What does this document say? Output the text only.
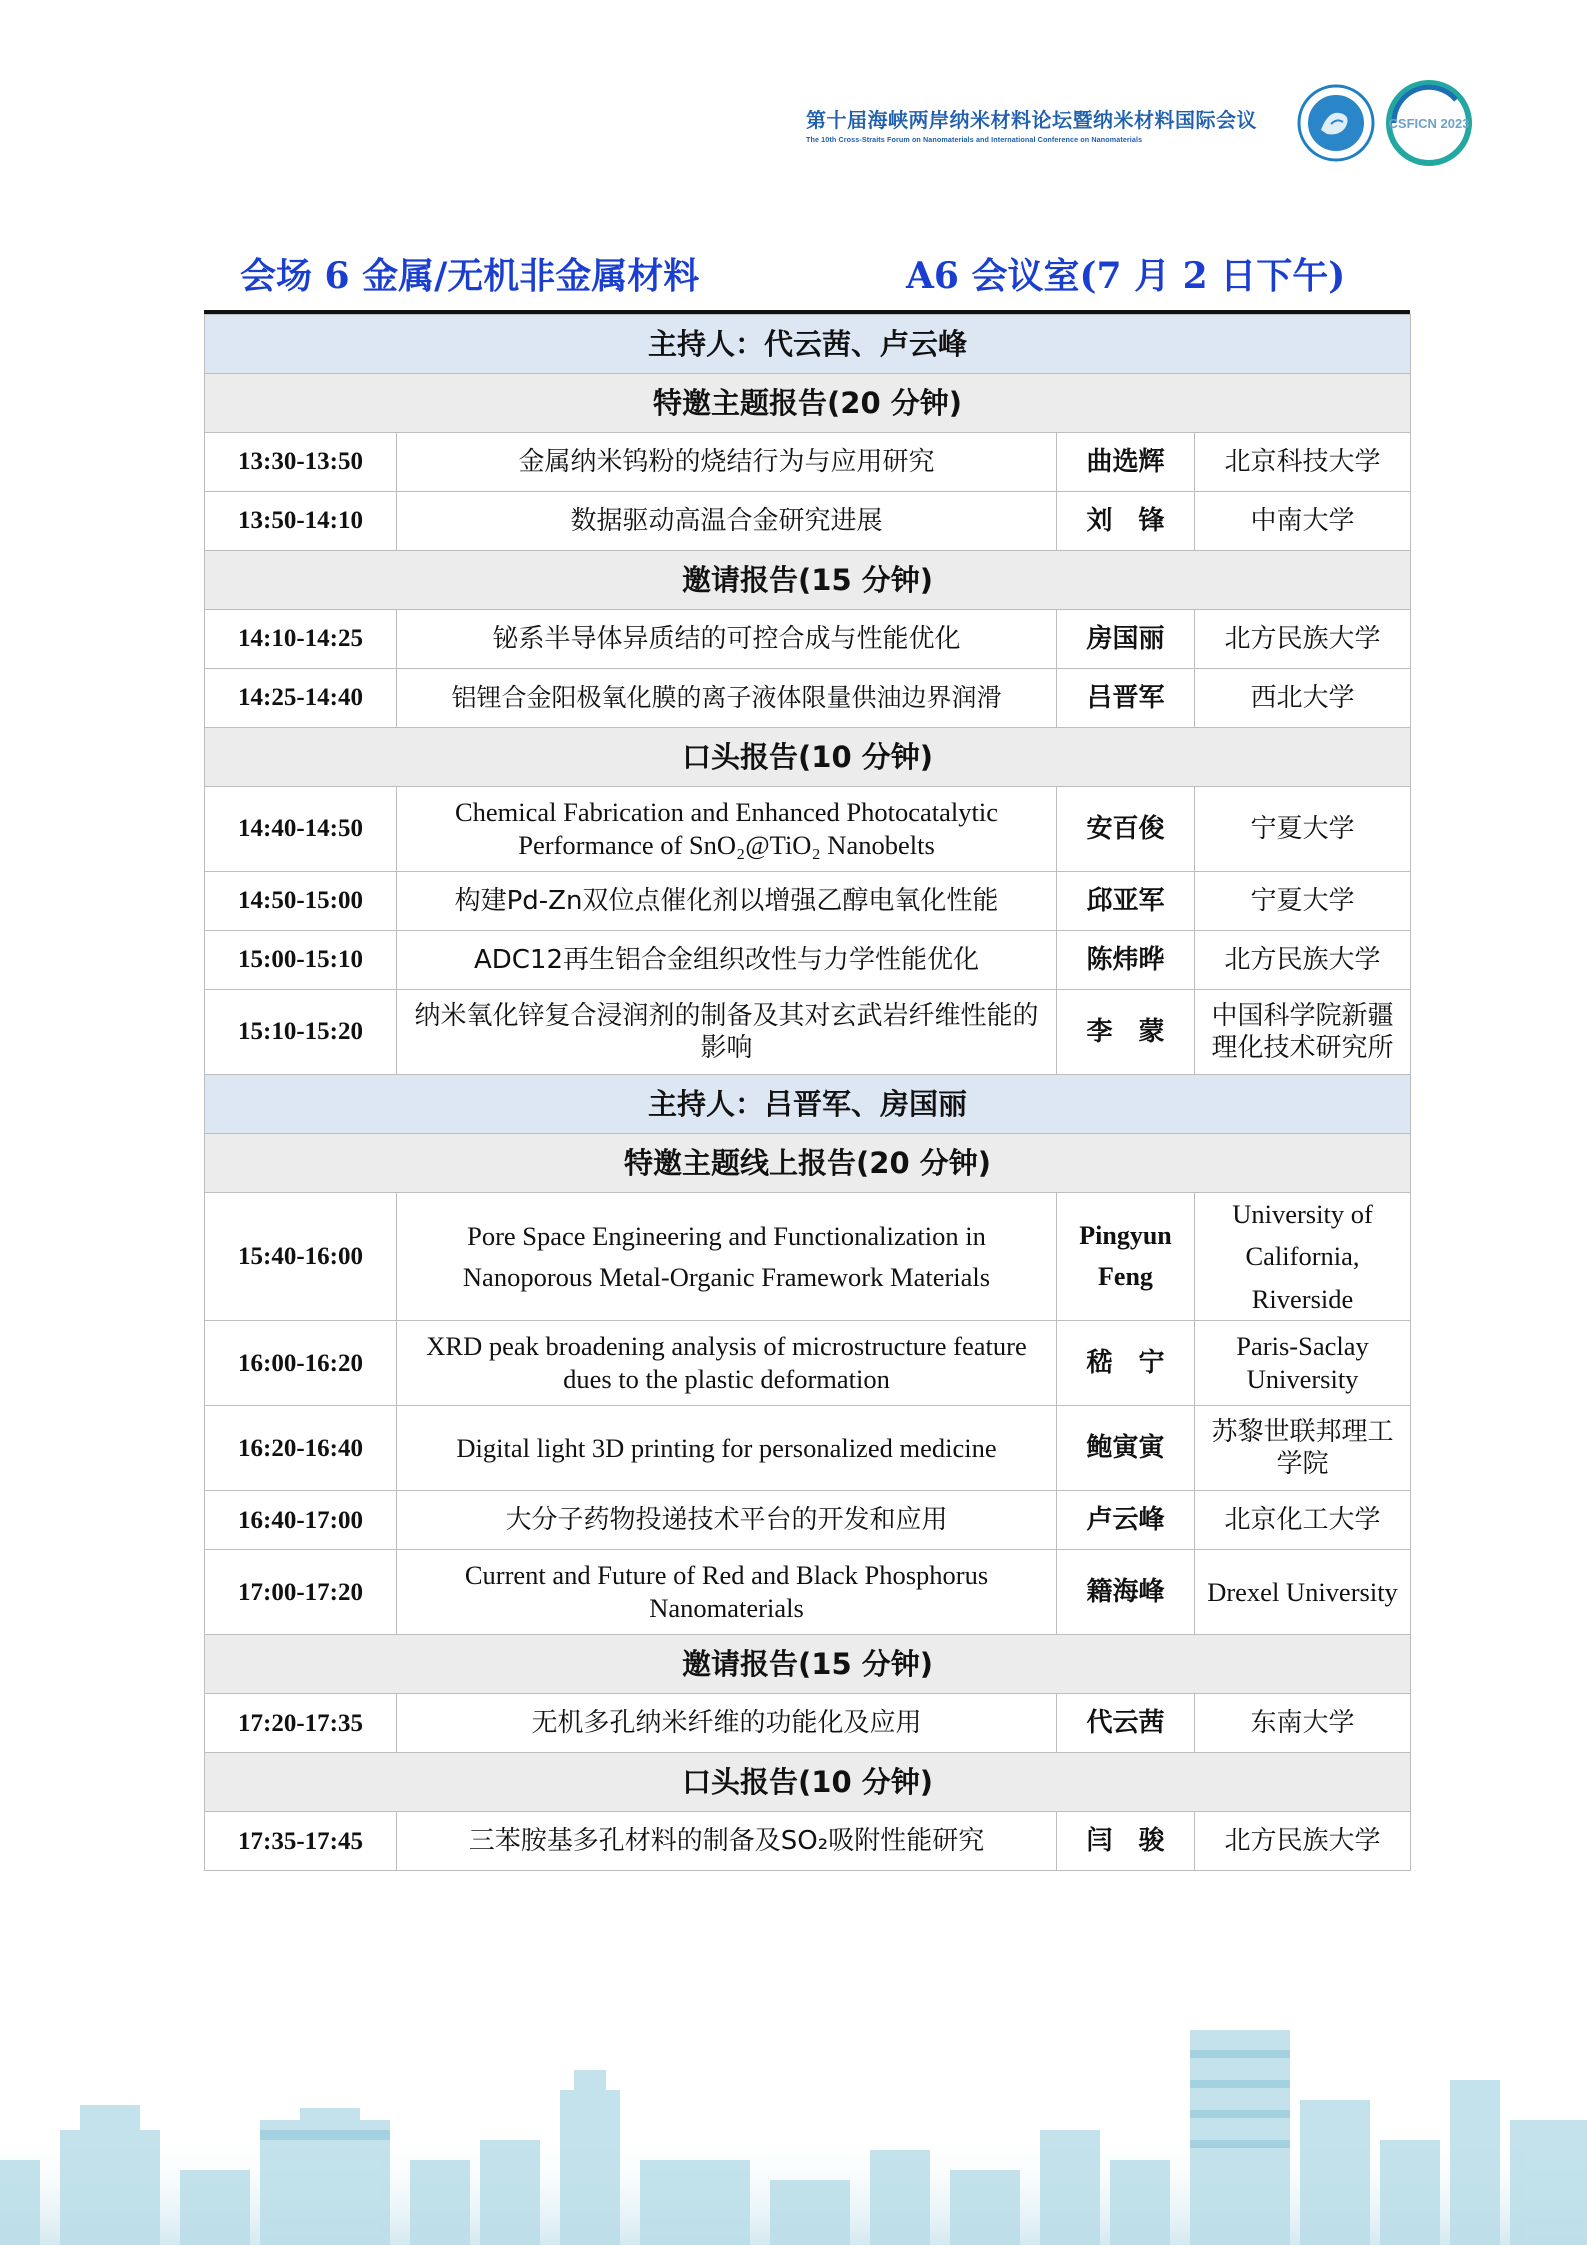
第十届海峡两岸纳米材料论坛暨纳米材料国际会议
The 10th Cross-Straits Forum on Nanomaterials and International Conference on Nanomaterials
CSFICN 2023
会场 6 金属/无机非金属材料	A6 会议室(7 月 2 日下午)
主持人：代云茜、卢云峰			
特邀主题报告(20 分钟)			
13:30-13:50	金属纳米钨粉的烧结行为与应用研究	曲选辉	北京科技大学
13:50-14:10	数据驱动高温合金研究进展	刘　锋	中南大学
邀请报告(15 分钟)			
14:10-14:25	铋系半导体异质结的可控合成与性能优化	房国丽	北方民族大学
14:25-14:40	铝锂合金阳极氧化膜的离子液体限量供油边界润滑	吕晋军	西北大学
口头报告(10 分钟)			
14:40-14:50	Chemical Fabrication and Enhanced Photocatalytic Performance of SnO₂@TiO₂ Nanobelts	安百俊	宁夏大学
14:50-15:00	构建Pd-Zn双位点催化剂以增强乙醇电氧化性能	邱亚军	宁夏大学
15:00-15:10	ADC12再生铝合金组织改性与力学性能优化	陈炜晔	北方民族大学
15:10-15:20	纳米氧化锌复合浸润剂的制备及其对玄武岩纤维性能的影响	李　蒙	中国科学院新疆理化技术研究所
主持人：吕晋军、房国丽			
特邀主题线上报告(20 分钟)			
15:40-16:00	Pore Space Engineering and Functionalization in Nanoporous Metal-Organic Framework Materials	Pingyun Feng	University of California, Riverside
16:00-16:20	XRD peak broadening analysis of microstructure feature dues to the plastic deformation	嵇　宁	Paris-Saclay University
16:20-16:40	Digital light 3D printing for personalized medicine	鲍寅寅	苏黎世联邦理工学院
16:40-17:00	大分子药物投递技术平台的开发和应用	卢云峰	北京化工大学
17:00-17:20	Current and Future of Red and Black Phosphorus Nanomaterials	籍海峰	Drexel University
邀请报告(15 分钟)			
17:20-17:35	无机多孔纳米纤维的功能化及应用	代云茜	东南大学
口头报告(10 分钟)			
17:35-17:45	三苯胺基多孔材料的制备及SO₂吸附性能研究	闫　骏	北方民族大学
